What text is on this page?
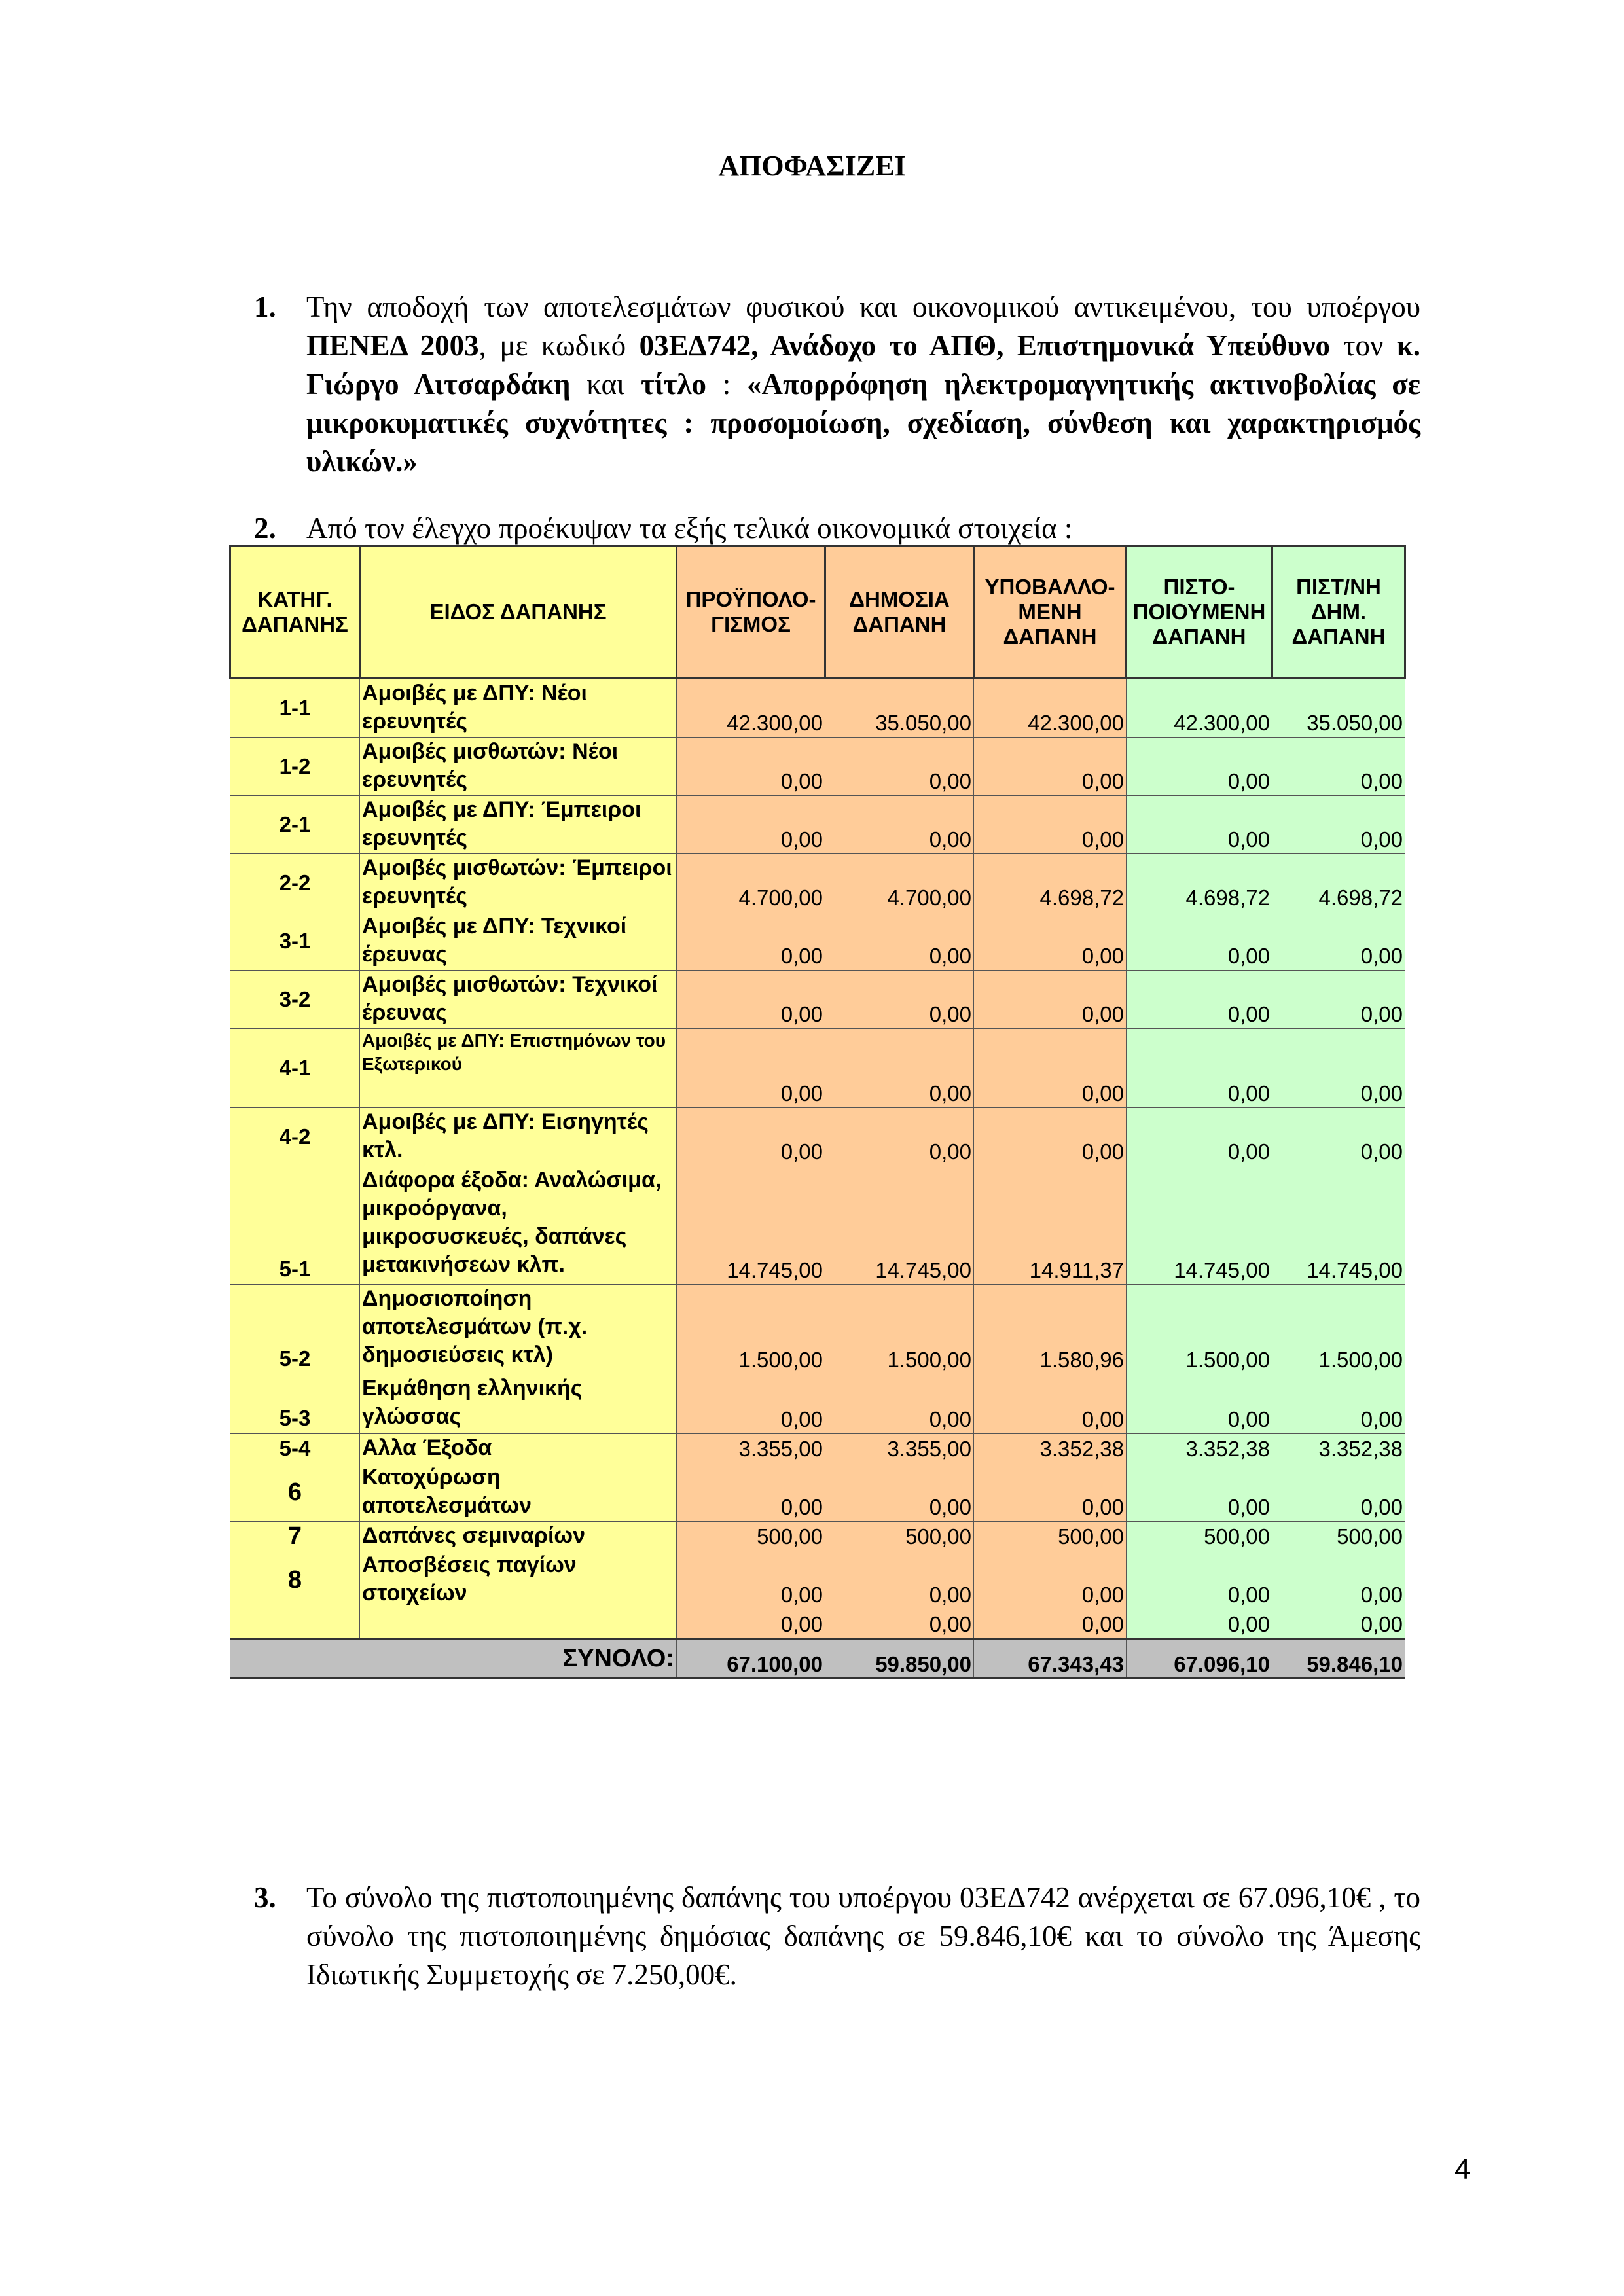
ΑΠΟΦΑΣΙΖΕΙ
1.	Την αποδοχή των αποτελεσμάτων φυσικού και οικονομικού αντικειμένου, του υποέργου ΠΕΝΕΔ 2003, με κωδικό 03ΕΔ742, Ανάδοχο το ΑΠΘ, Επιστημονικά Υπεύθυνο τον κ. Γιώργο Λιτσαρδάκη και τίτλο : «Απορρόφηση ηλεκτρομαγνητικής ακτινοβολίας σε μικροκυματικές συχνότητες : προσομοίωση, σχεδίαση, σύνθεση και χαρακτηρισμός υλικών.»
2.	Από τον έλεγχο προέκυψαν τα εξής τελικά οικονομικά στοιχεία :
ΚΑΤΗΓ. ΔΑΠΑΝΗΣ	ΕΙΔΟΣ ΔΑΠΑΝΗΣ	ΠΡΟΫΠΟΛΟ-ΓΙΣΜΟΣ	ΔΗΜΟΣΙΑ ΔΑΠΑΝΗ	ΥΠΟΒΑΛΛΟ-ΜΕΝΗ ΔΑΠΑΝΗ	ΠΙΣΤΟ-ΠΟΙΟΥΜΕΝΗ ΔΑΠΑΝΗ	ΠΙΣΤ/ΝΗ ΔΗΜ. ΔΑΠΑΝΗ
1-1	Αμοιβές με ΔΠΥ: Νέοι ερευνητές	42.300,00	35.050,00	42.300,00	42.300,00	35.050,00
1-2	Αμοιβές μισθωτών: Νέοι ερευνητές	0,00	0,00	0,00	0,00	0,00
2-1	Αμοιβές με ΔΠΥ: Έμπειροι ερευνητές	0,00	0,00	0,00	0,00	0,00
2-2	Αμοιβές μισθωτών: Έμπειροι ερευνητές	4.700,00	4.700,00	4.698,72	4.698,72	4.698,72
3-1	Αμοιβές με ΔΠΥ: Τεχνικοί έρευνας	0,00	0,00	0,00	0,00	0,00
3-2	Αμοιβές μισθωτών: Τεχνικοί έρευνας	0,00	0,00	0,00	0,00	0,00
4-1	Αμοιβές με ΔΠΥ: Επιστημόνων του Εξωτερικού	0,00	0,00	0,00	0,00	0,00
4-2	Αμοιβές με ΔΠΥ: Εισηγητές κτλ.	0,00	0,00	0,00	0,00	0,00
5-1	Διάφορα έξοδα: Αναλώσιμα, μικροόργανα, μικροσυσκευές, δαπάνες μετακινήσεων κλπ.	14.745,00	14.745,00	14.911,37	14.745,00	14.745,00
5-2	Δημοσιοποίηση αποτελεσμάτων (π.χ. δημοσιεύσεις κτλ)	1.500,00	1.500,00	1.580,96	1.500,00	1.500,00
5-3	Εκμάθηση ελληνικής γλώσσας	0,00	0,00	0,00	0,00	0,00
5-4	Αλλα Έξοδα	3.355,00	3.355,00	3.352,38	3.352,38	3.352,38
6	Κατοχύρωση αποτελεσμάτων	0,00	0,00	0,00	0,00	0,00
7	Δαπάνες σεμιναρίων	500,00	500,00	500,00	500,00	500,00
8	Αποσβέσεις παγίων στοιχείων	0,00	0,00	0,00	0,00	0,00
		0,00	0,00	0,00	0,00	0,00
ΣΥΝΟΛΟ:		67.100,00	59.850,00	67.343,43	67.096,10	59.846,10
3.	Το σύνολο της πιστοποιημένης δαπάνης του υποέργου 03ΕΔ742 ανέρχεται σε 67.096,10€ , το σύνολο της πιστοποιημένης δημόσιας δαπάνης σε 59.846,10€ και το σύνολο της Άμεσης Ιδιωτικής Συμμετοχής σε 7.250,00€.
4
